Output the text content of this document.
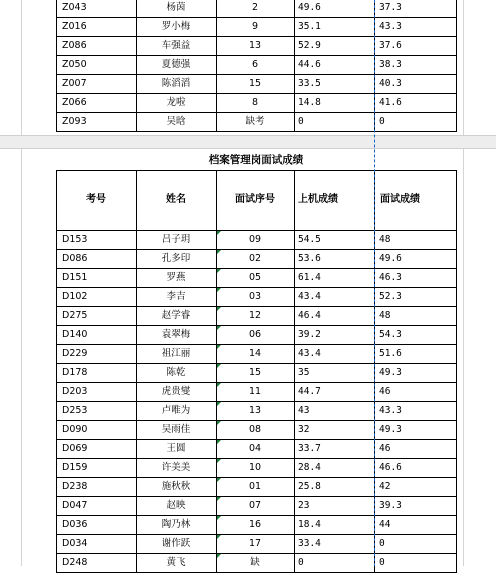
Z043	杨茵	2	49.6	37.3
Z016	罗小梅	9	35.1	43.3
Z086	车强益	13	52.9	37.6
Z050	夏德强	6	44.6	38.3
Z007	陈滔滔	15	33.5	40.3
Z066	龙啦	8	14.8	41.6
Z093	吴晗	缺考	0	0
档案管理岗面试成绩
考号	姓名	面试序号	上机成绩	面试成绩
D153	吕子玥	09	54.5	48
D086	孔多印	02	53.6	49.6
D151	罗燕	05	61.4	46.3
D102	李吉	03	43.4	52.3
D275	赵学睿	12	46.4	48
D140	袁翠梅	06	39.2	54.3
D229	祖江丽	14	43.4	51.6
D178	陈乾	15	35	49.3
D203	虎贵燮	11	44.7	46
D253	卢唯为	13	43	43.3
D090	吴雨佳	08	32	49.3
D069	王圆	04	33.7	46
D159	许美美	10	28.4	46.6
D238	施秋秋	01	25.8	42
D047	赵映	07	23	39.3
D036	陶乃林	16	18.4	44
D034	谢作跃	17	33.4	0
D248	黄飞	缺	0	0
